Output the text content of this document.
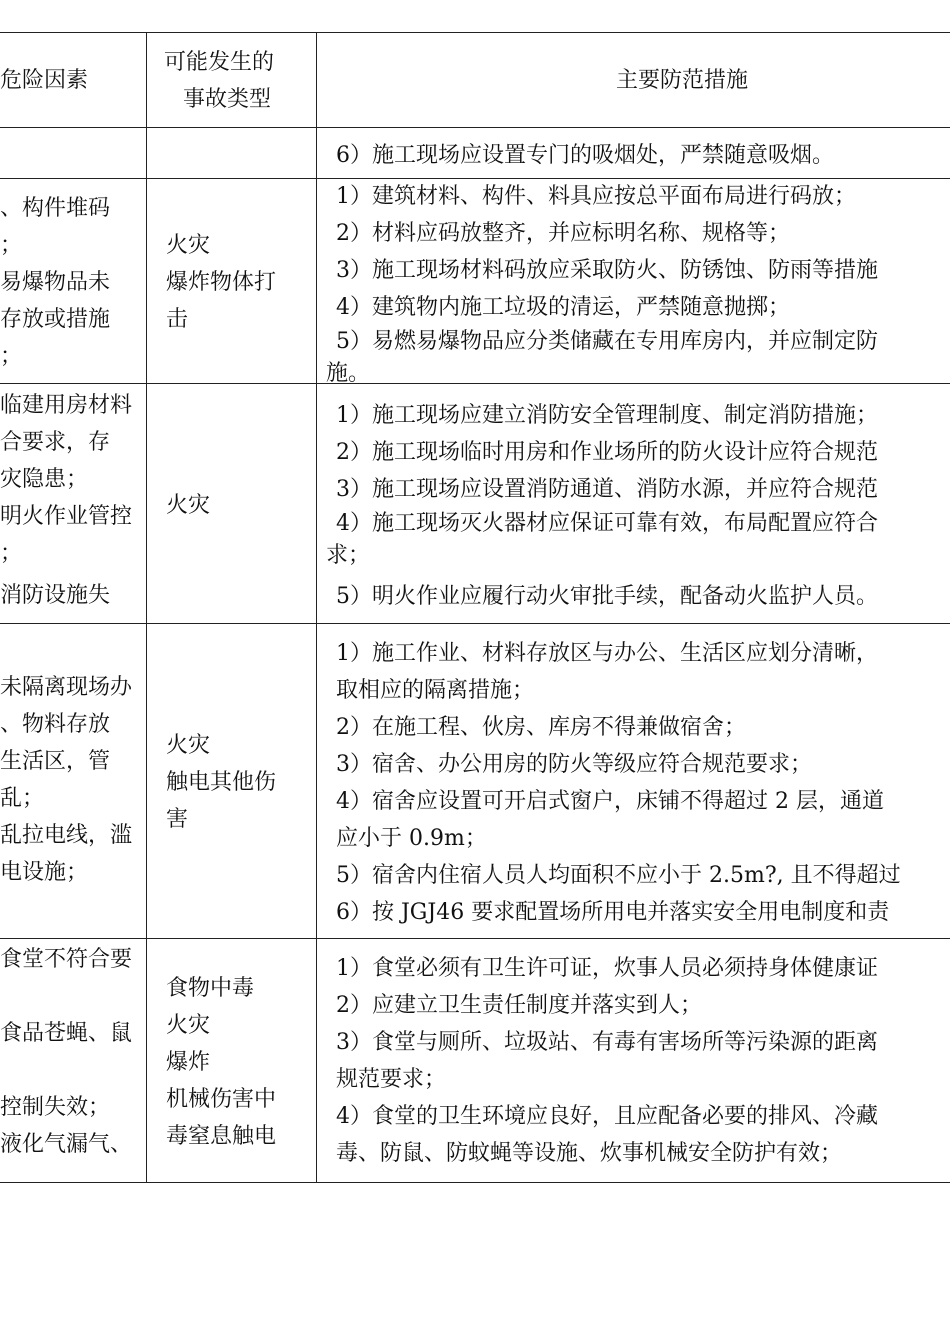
危险因素
可能发生的
事故类型
主要防范措施
6）施工现场应设置专门的吸烟处，严禁随意吸烟。
、构件堆码
；
易爆物品未
存放或措施
；
火灾
爆炸物体打
击
1）建筑材料、构件、料具应按总平面布局进行码放；
2）材料应码放整齐，并应标明名称、规格等；
3）施工现场材料码放应采取防火、防锈蚀、防雨等措施
4）建筑物内施工垃圾的清运，严禁随意抛掷；
5）易燃易爆物品应分类储藏在专用库房内，并应制定防
施。
临建用房材料
合要求，存
灾隐患；
明火作业管控
；
消防设施失
火灾
1）施工现场应建立消防安全管理制度、制定消防措施；
2）施工现场临时用房和作业场所的防火设计应符合规范
3）施工现场应设置消防通道、消防水源，并应符合规范
4）施工现场灭火器材应保证可靠有效，布局配置应符合
求；
5）明火作业应履行动火审批手续，配备动火监护人员。
未隔离现场办
、物料存放
生活区，管
乱；
乱拉电线，滥
电设施；
火灾
触电其他伤
害
1）施工作业、材料存放区与办公、生活区应划分清晰，
取相应的隔离措施；
2）在施工程、伙房、库房不得兼做宿舍；
3）宿舍、办公用房的防火等级应符合规范要求；
4）宿舍应设置可开启式窗户，床铺不得超过 2 层，通道
应小于 0.9m；
5）宿舍内住宿人员人均面积不应小于 2.5m?, 且不得超过
6）按 JGJ46 要求配置场所用电并落实安全用电制度和责
食堂不符合要
食品苍蝇、鼠
控制失效；
液化气漏气、
食物中毒
火灾
爆炸
机械伤害中
毒窒息触电
1）食堂必须有卫生许可证，炊事人员必须持身体健康证
2）应建立卫生责任制度并落实到人；
3）食堂与厕所、垃圾站、有毒有害场所等污染源的距离
规范要求；
4）食堂的卫生环境应良好，且应配备必要的排风、冷藏
毒、防鼠、防蚊蝇等设施、炊事机械安全防护有效；
